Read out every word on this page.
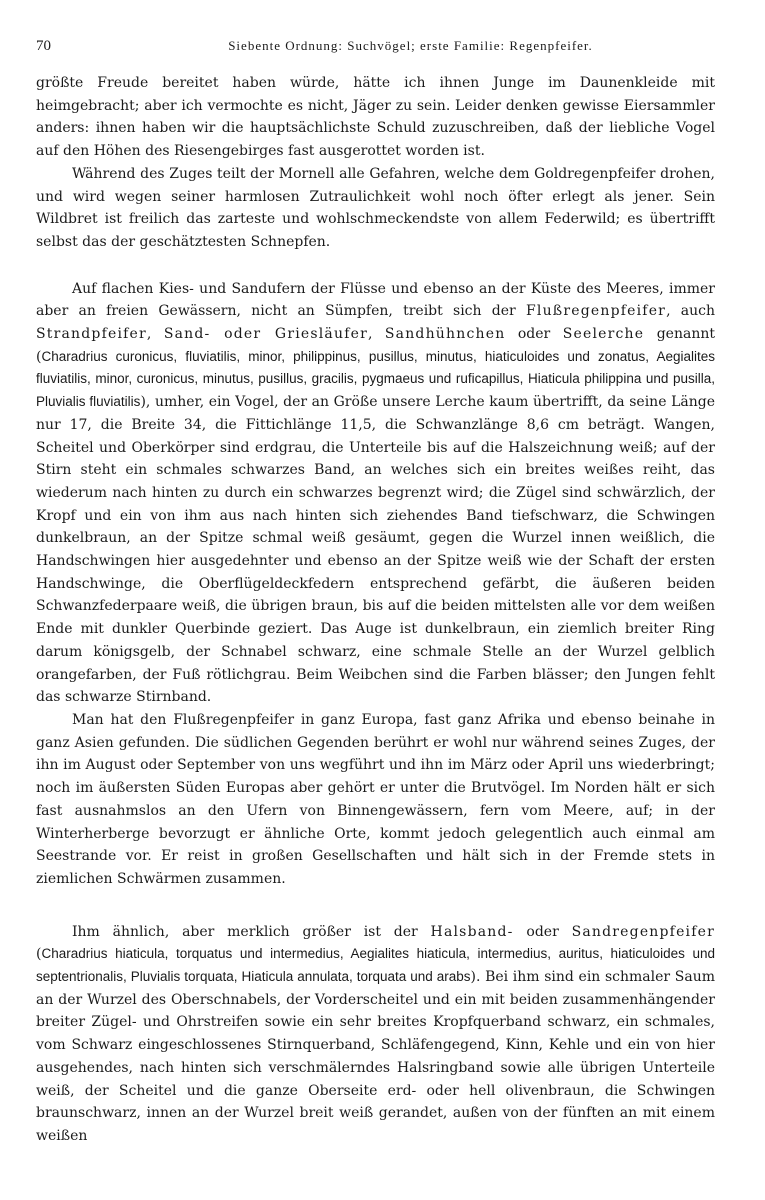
70	Siebente Ordnung: Suchvögel; erste Familie: Regenpfeifer.

größte Freude bereitet haben würde, hätte ich ihnen Junge im Daunenkleide mit heimgebracht; aber ich vermochte es nicht, Jäger zu sein. Leider denken gewisse Eiersammler anders: ihnen haben wir die hauptsächlichste Schuld zuzuschreiben, daß der liebliche Vogel auf den Höhen des Riesengebirges fast ausgerottet worden ist.

Während des Zuges teilt der Mornell alle Gefahren, welche dem Goldregenpfeifer drohen, und wird wegen seiner harmlosen Zutraulichkeit wohl noch öfter erlegt als jener. Sein Wildbret ist freilich das zarteste und wohlschmeckendste von allem Federwild; es übertrifft selbst das der geschätztesten Schnepfen.

Auf flachen Kies- und Sandufern der Flüsse und ebenso an der Küste des Meeres, immer aber an freien Gewässern, nicht an Sümpfen, treibt sich der Flußregenpfeifer, auch Strandpfeifer, Sand- oder Griesläufer, Sandhühnchen oder Seelerche genannt (Charadrius curonicus, fluviatilis, minor, philippinus, pusillus, minutus, hiaticuloides und zonatus, Aegialites fluviatilis, minor, curonicus, minutus, pusillus, gracilis, pygmaeus und ruficapillus, Hiaticula philippina und pusilla, Pluvialis fluviatilis), umher, ein Vogel, der an Größe unsere Lerche kaum übertrifft, da seine Länge nur 17, die Breite 34, die Fittichlänge 11,5, die Schwanzlänge 8,6 cm beträgt. Wangen, Scheitel und Oberkörper sind erdgrau, die Unterteile bis auf die Halszeichnung weiß; auf der Stirn steht ein schmales schwarzes Band, an welches sich ein breites weißes reiht, das wiederum nach hinten zu durch ein schwarzes begrenzt wird; die Zügel sind schwärzlich, der Kropf und ein von ihm aus nach hinten sich ziehendes Band tiefschwarz, die Schwingen dunkelbraun, an der Spitze schmal weiß gesäumt, gegen die Wurzel innen weißlich, die Handschwingen hier ausgedehnter und ebenso an der Spitze weiß wie der Schaft der ersten Handschwinge, die Oberflügeldeckfedern entsprechend gefärbt, die äußeren beiden Schwanzfederpaare weiß, die übrigen braun, bis auf die beiden mittelsten alle vor dem weißen Ende mit dunkler Querbinde geziert. Das Auge ist dunkelbraun, ein ziemlich breiter Ring darum königsgelb, der Schnabel schwarz, eine schmale Stelle an der Wurzel gelblich orangefarben, der Fuß rötlichgrau. Beim Weibchen sind die Farben blässer; den Jungen fehlt das schwarze Stirnband.

Man hat den Flußregenpfeifer in ganz Europa, fast ganz Afrika und ebenso beinahe in ganz Asien gefunden. Die südlichen Gegenden berührt er wohl nur während seines Zuges, der ihn im August oder September von uns wegführt und ihn im März oder April uns wiederbringt; noch im äußersten Süden Europas aber gehört er unter die Brutvögel. Im Norden hält er sich fast ausnahmslos an den Ufern von Binnengewässern, fern vom Meere, auf; in der Winterherberge bevorzugt er ähnliche Orte, kommt jedoch gelegentlich auch einmal am Seestrande vor. Er reist in großen Gesellschaften und hält sich in der Fremde stets in ziemlichen Schwärmen zusammen.

Ihm ähnlich, aber merklich größer ist der Halsband- oder Sandregenpfeifer (Charadrius hiaticula, torquatus und intermedius, Aegialites hiaticula, intermedius, auritus, hiaticuloides und septentrionalis, Pluvialis torquata, Hiaticula annulata, torquata und arabs). Bei ihm sind ein schmaler Saum an der Wurzel des Oberschnabels, der Vorderscheitel und ein mit beiden zusammenhängender breiter Zügel- und Ohrstreifen sowie ein sehr breites Kropfquerband schwarz, ein schmales, vom Schwarz eingeschlossenes Stirnquerband, Schläfengegend, Kinn, Kehle und ein von hier ausgehendes, nach hinten sich verschmälerndes Halsringband sowie alle übrigen Unterteile weiß, der Scheitel und die ganze Oberseite erd- oder hell olivenbraun, die Schwingen braunschwarz, innen an der Wurzel breit weiß gerandet, außen von der fünften an mit einem weißen
